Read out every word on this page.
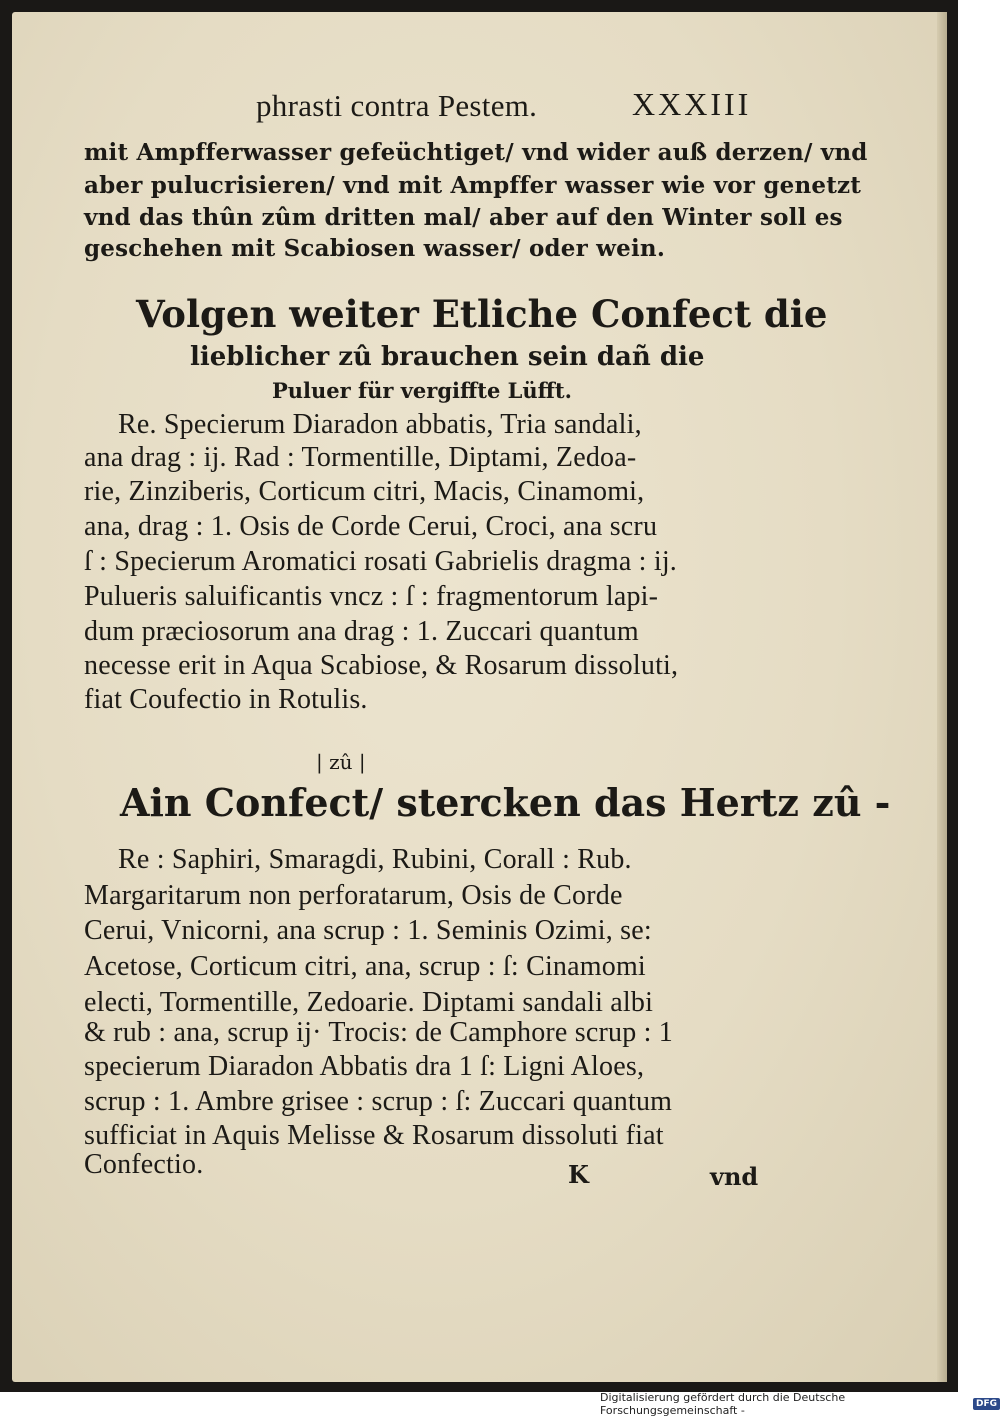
phrasti contra Pestem.	XXXIII
mit Ampfferwasser gefeüchtiget/ vnd wider auß derzen/ vnd
aber pulucrisieren/ vnd mit Ampffer wasser wie vor genetzt
vnd das thûn zûm dritten mal/ aber auf den Winter soll es
geschehen mit Scabiosen wasser/ oder wein.
Volgen weiter Etliche Confect die
lieblicher zû brauchen sein dañ die
Puluer für vergiffte Lüfft.
Re. Specierum Diaradon abbatis, Tria sandali,
ana drag : ij. Rad : Tormentille, Diptami, Zedoa-
rie, Zinziberis, Corticum citri, Macis, Cinamomi,
ana, drag : 1. Osis de Corde Cerui, Croci, ana scru
ſ : Specierum Aromatici rosati Gabrielis dragma : ij.
Pulueris saluificantis vncz : ſ : fragmentorum lapi-
dum præciosorum ana drag : 1. Zuccari quantum
necesse erit in Aqua Scabiose, & Rosarum dissoluti,
fiat Coufectio in Rotulis.
| zû |
Ain Confect/ stercken das Hertz zû -
Re : Saphiri, Smaragdi, Rubini, Corall : Rub.
Margaritarum non perforatarum, Osis de Corde
Cerui, Vnicorni, ana scrup : 1. Seminis Ozimi, se:
Acetose, Corticum citri, ana, scrup : ſ: Cinamomi
electi, Tormentille, Zedoarie. Diptami sandali albi
& rub : ana, scrup ij· Trocis: de Camphore scrup : 1
specierum Diaradon Abbatis dra 1 ſ: Ligni Aloes,
scrup : 1. Ambre grisee : scrup : ſ: Zuccari quantum
sufficiat in Aquis Melisse & Rosarum dissoluti fiat
Confectio.	K	vnd
Digitalisierung gefördert durch die Deutsche Forschungsgemeinschaft -	DFG
